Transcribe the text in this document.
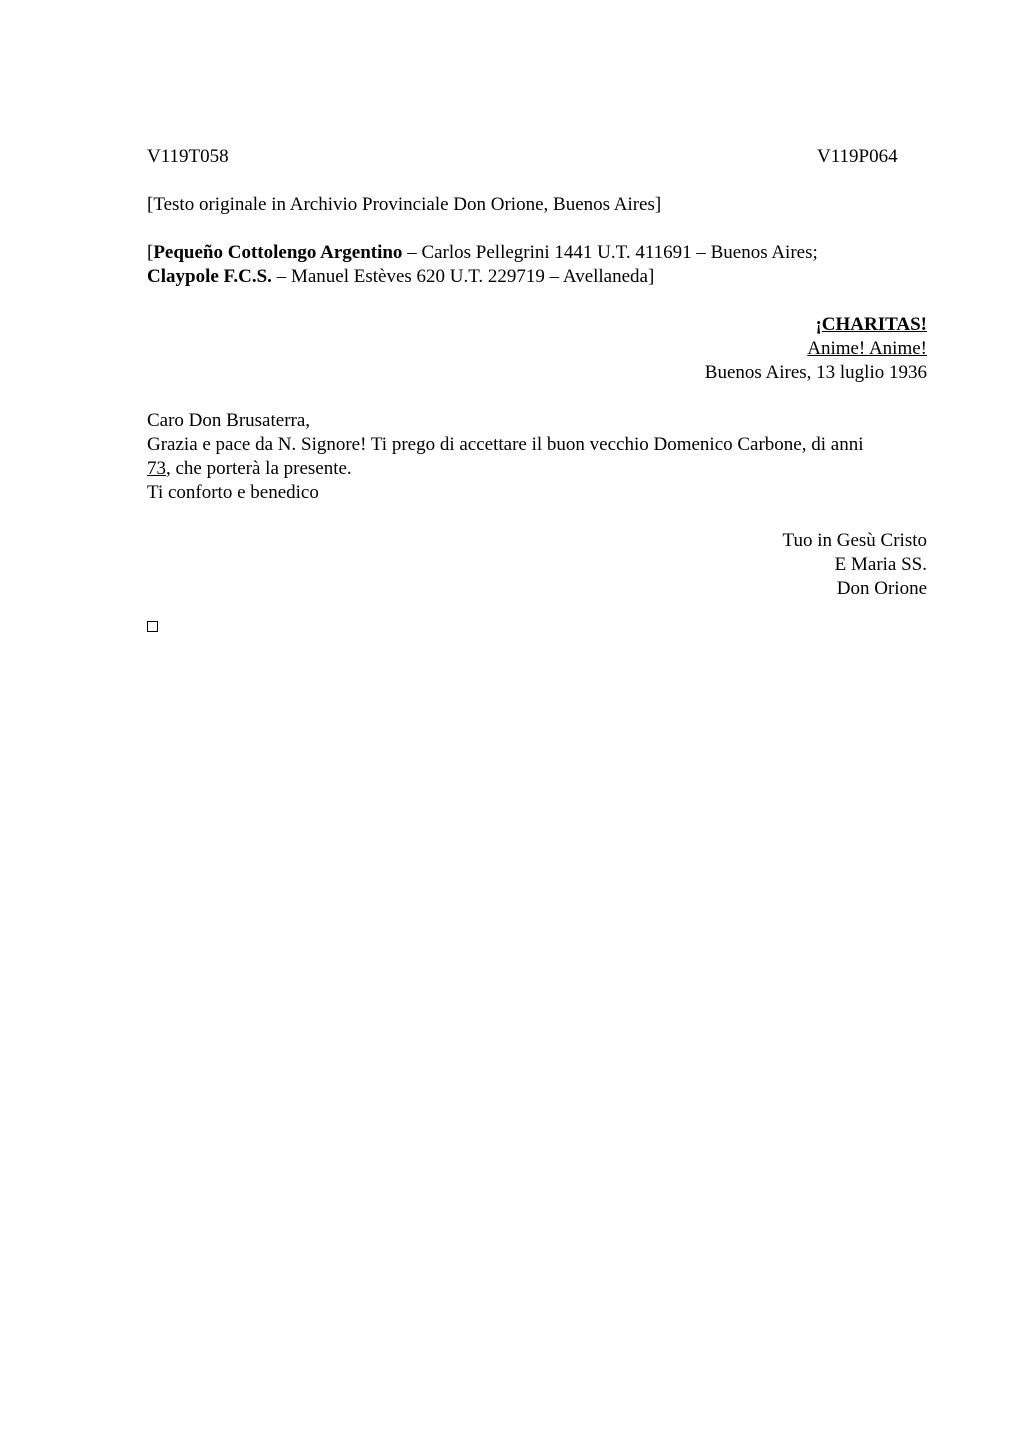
V119T058	V119P064
[Testo originale in Archivio Provinciale Don Orione, Buenos Aires]
[Pequeño Cottolengo Argentino – Carlos Pellegrini 1441 U.T. 411691 – Buenos Aires;
Claypole F.C.S. – Manuel Estèves 620 U.T. 229719 – Avellaneda]
¡CHARITAS!
Anime! Anime!
Buenos Aires, 13 luglio 1936
Caro Don Brusaterra,
Grazia e pace da N. Signore! Ti prego di accettare il buon vecchio Domenico Carbone, di anni
73, che porterà la presente.
Ti conforto e benedico
Tuo in Gesù Cristo
E Maria SS.
Don Orione
